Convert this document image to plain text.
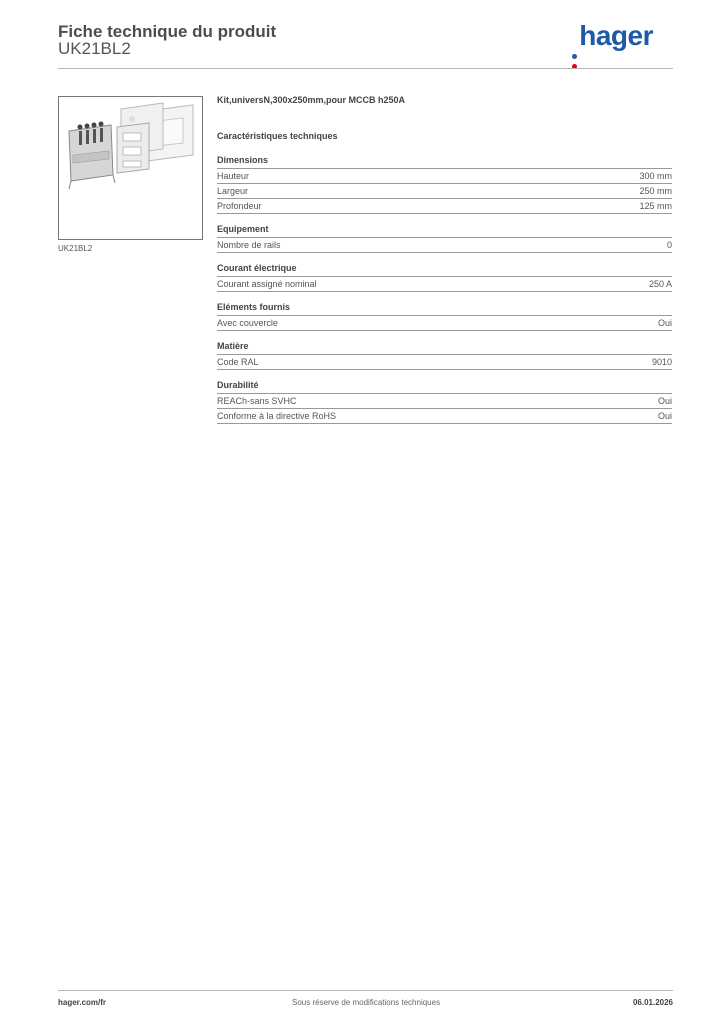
Fiche technique du produit
UK21BL2	hager
UK21BL2
Kit,universN,300x250mm,pour MCCB h250A
Caractéristiques techniques
Dimensions
Hauteur	300 mm
Largeur	250 mm
Profondeur	125 mm
Equipement
Nombre de rails	0
Courant électrique
Courant assigné nominal	250 A
Eléments fournis
Avec couvercle	Oui
Matière
Code RAL	9010
Durabilité
REACh-sans SVHC	Oui
Conforme à la directive RoHS	Oui
hager.com/fr	Sous réserve de modifications techniques	06.01.2026
